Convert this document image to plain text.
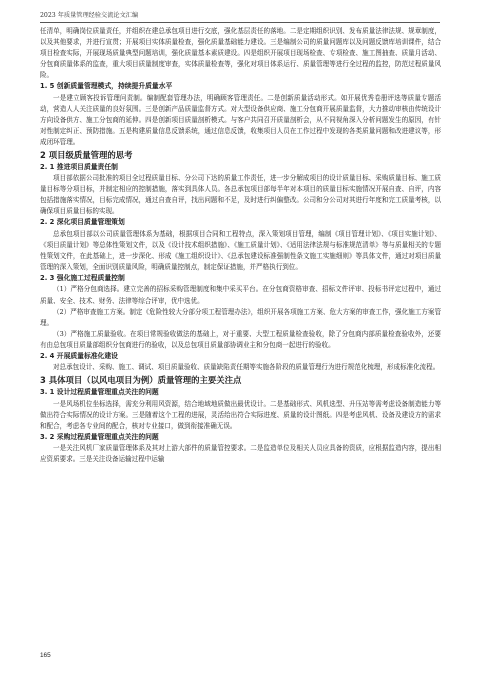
2023 年质量管理经验交流论文汇编

任清单，明确岗位质量责任，并组织在建总承包项目进行交底，强化基层责任的落地。二是定期组织识别、发布质量法律法规、规章制度，以及其他要求，并进行宣贯；开展项目实体质量检查，强化质量基础能力建设。三是编制公司的质量问题库以及问题反馈库培训课件，结合项目检查实际，开展现场质量典型问题培训，强化质量基本素质建设。四是组织开展项目现场检查、专项检查、施工图抽查、质量月活动、分包商质量体系的监查，重大项目质量制度审查，实体质量检查等，强化对项目体系运行、质量管理等进行全过程的监控，防范过程质量风险。

1. 5 创新质量管理模式，持续提升质量水平

一是建立顾客投诉管理问责制。编制配套管理办法，明确顾客管理责任。二是创新质量活动形式。如开展优秀卷册评选等质量专题活动，营造人人关注质量的良好氛围。三是创新产品质量监督方式。对大型设备供应商、施工分包商开展质量监督，大力推动审核由传统设计方向设备供方、施工分包商的延伸。四是创新项目质量剖析模式。与客户共同召开质量剖析会，从不同视角深入分析问题发生的原因，有针对性制定纠正、预防措施。五是构建质量信息反馈系统，通过信息反馈，收集项目人员在工作过程中发现的各类质量问题和改进建议等，形成闭环管理。

2 项目级质量管理的思考
2. 1 推进项目质量责任制

项目部依据公司批准的项目全过程质量目标、分公司下达的质量工作责任，进一步分解成项目的设计质量目标、采购质量目标、施工质量目标等分项目标，并制定相应的控制措施，落实到具体人员。各总承包项目部每半年对本项目的质量目标实施情况开展自查、自评，内容包括措施落实情况，目标完成情况，通过自查自评，找出问题和不足，及时进行纠偏整改。公司和分公司对其进行年度和完工质量考核，以确保项目质量目标的实现。

2. 2 深化项目质量管理策划

总承包项目部以公司质量管理体系为基础，根据项目合同和工程特点，深入策划项目管理，编制《项目管理计划》、《项目实施计划》、《项目质量计划》等总体性策划文件，以及《设计技术组织措施》、《施工质量计划》、《适用法律法规与标准规范清单》等与质量相关的专题性策划文件，在此基础上，进一步深化、形成《施工组织设计》、《总承包建设标准强制性条文施工实施细则》等具体文件，通过对项目质量管理的深入策划，全面识别质量风险，明确质量控制点，制定保证措施，并严格执行到位。

2. 3 强化施工过程质量控制

（1）严格分包商选择。建立完善的招标采购管理制度和集中采买平台。在分包商资格审查、招标文件评审、投标书评定过程中，通过质量、安全、技术、财务、法律等综合评审，优中选优。

（2）严格审查施工方案。制定《危险性较大分部分项工程管理办法》，组织开展各项施工方案、危大方案的审查工作，强化施工方案管理。

（3）严格施工质量验收。在项目常规验收做法的基础上，对于重要、大型工程质量检查验收，除了分包商内部质量检查验收外，还要有由总包项目质量部组织分包商进行的验收，以及总包项目质量部协调业主和分包商一起进行的验收。

2. 4 开展质量标准化建设

对总承包设计、采购、施工、调试、项目质量验收、质量缺陷责任期等实施各阶段的质量管理行为进行规范化梳理，形成标准化流程。

3 具体项目（以风电项目为例）质量管理的主要关注点
3. 1 设计过程质量管理重点关注的问题

一是风场机位坐标选择，需充分利用风资源，结合地域地质做出最优设计。二是基础形式、风机选型、升压站等需考虑设备制造能力等做出符合实际情况的设计方案。三是随着这个工程的进展，灵活给出符合实际进度、质量的设计图纸。四是考虑风机、设备及建设方的需求和配合，考虑各专业间的配合，核对专业接口，做到衔接准确无误。

3. 2 采购过程质量管理重点关注的问题

一是关注风机厂家质量管理体系及其对上游大部件的质量管控要求。二是监造单位及相关人员应具备的资质，应根据监造内容，提出相应资质要求。三是关注设备运输过程中运输

165
